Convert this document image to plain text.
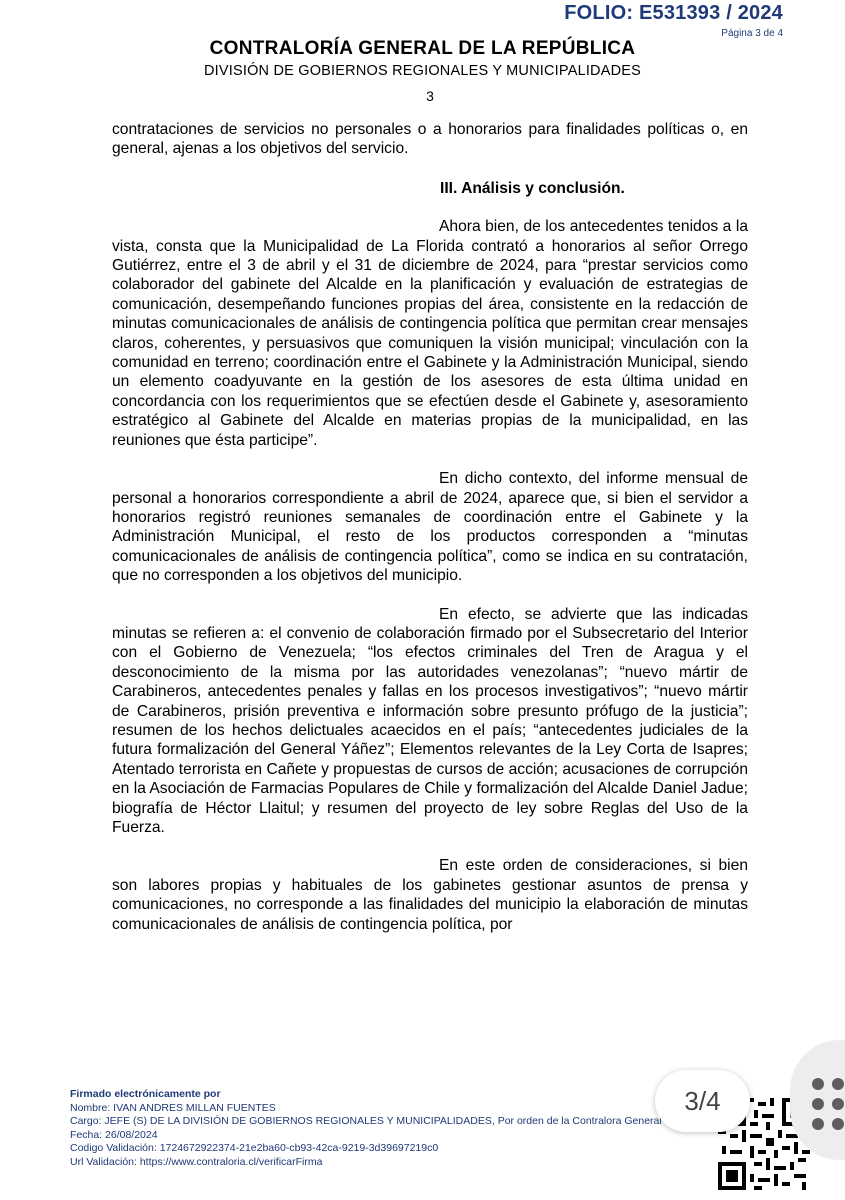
FOLIO: E531393 / 2024
Página 3 de 4
CONTRALORÍA GENERAL DE LA REPÚBLICA
DIVISIÓN DE GOBIERNOS REGIONALES Y MUNICIPALIDADES
3

contrataciones de servicios no personales o a honorarios para finalidades políticas o, en general, ajenas a los objetivos del servicio.

III. Análisis y conclusión.

Ahora bien, de los antecedentes tenidos a la vista, consta que la Municipalidad de La Florida contrató a honorarios al señor Orrego Gutiérrez, entre el 3 de abril y el 31 de diciembre de 2024, para “prestar servicios como colaborador del gabinete del Alcalde en la planificación y evaluación de estrategias de comunicación, desempeñando funciones propias del área, consistente en la redacción de minutas comunicacionales de análisis de contingencia política que permitan crear mensajes claros, coherentes, y persuasivos que comuniquen la visión municipal; vinculación con la comunidad en terreno; coordinación entre el Gabinete y la Administración Municipal, siendo un elemento coadyuvante en la gestión de los asesores de esta última unidad en concordancia con los requerimientos que se efectúen desde el Gabinete y, asesoramiento estratégico al Gabinete del Alcalde en materias propias de la municipalidad, en las reuniones que ésta participe”.

En dicho contexto, del informe mensual de personal a honorarios correspondiente a abril de 2024, aparece que, si bien el servidor a honorarios registró reuniones semanales de coordinación entre el Gabinete y la Administración Municipal, el resto de los productos corresponden a “minutas comunicacionales de análisis de contingencia política”, como se indica en su contratación, que no corresponden a los objetivos del municipio.

En efecto, se advierte que las indicadas minutas se refieren a: el convenio de colaboración firmado por el Subsecretario del Interior con el Gobierno de Venezuela; “los efectos criminales del Tren de Aragua y el desconocimiento de la misma por las autoridades venezolanas”; “nuevo mártir de Carabineros, antecedentes penales y fallas en los procesos investigativos”; “nuevo mártir de Carabineros, prisión preventiva e información sobre presunto prófugo de la justicia”; resumen de los hechos delictuales acaecidos en el país; “antecedentes judiciales de la futura formalización del General Yáñez”; Elementos relevantes de la Ley Corta de Isapres; Atentado terrorista en Cañete y propuestas de cursos de acción; acusaciones de corrupción en la Asociación de Farmacias Populares de Chile y formalización del Alcalde Daniel Jadue; biografía de Héctor Llaitul; y resumen del proyecto de ley sobre Reglas del Uso de la Fuerza.

En este orden de consideraciones, si bien son labores propias y habituales de los gabinetes gestionar asuntos de prensa y comunicaciones, no corresponde a las finalidades del municipio la elaboración de minutas comunicacionales de análisis de contingencia política, por

Firmado electrónicamente por
Nombre: IVAN ANDRES MILLAN FUENTES
Cargo: JEFE (S) DE LA DIVISIÓN DE GOBIERNOS REGIONALES Y MUNICIPALIDADES, Por orden de la Contralora General
Fecha: 26/08/2024
Codigo Validación: 1724672922374-21e2ba60-cb93-42ca-9219-3d39697219c0
Url Validación: https://www.contraloria.cl/verificarFirma
3/4
